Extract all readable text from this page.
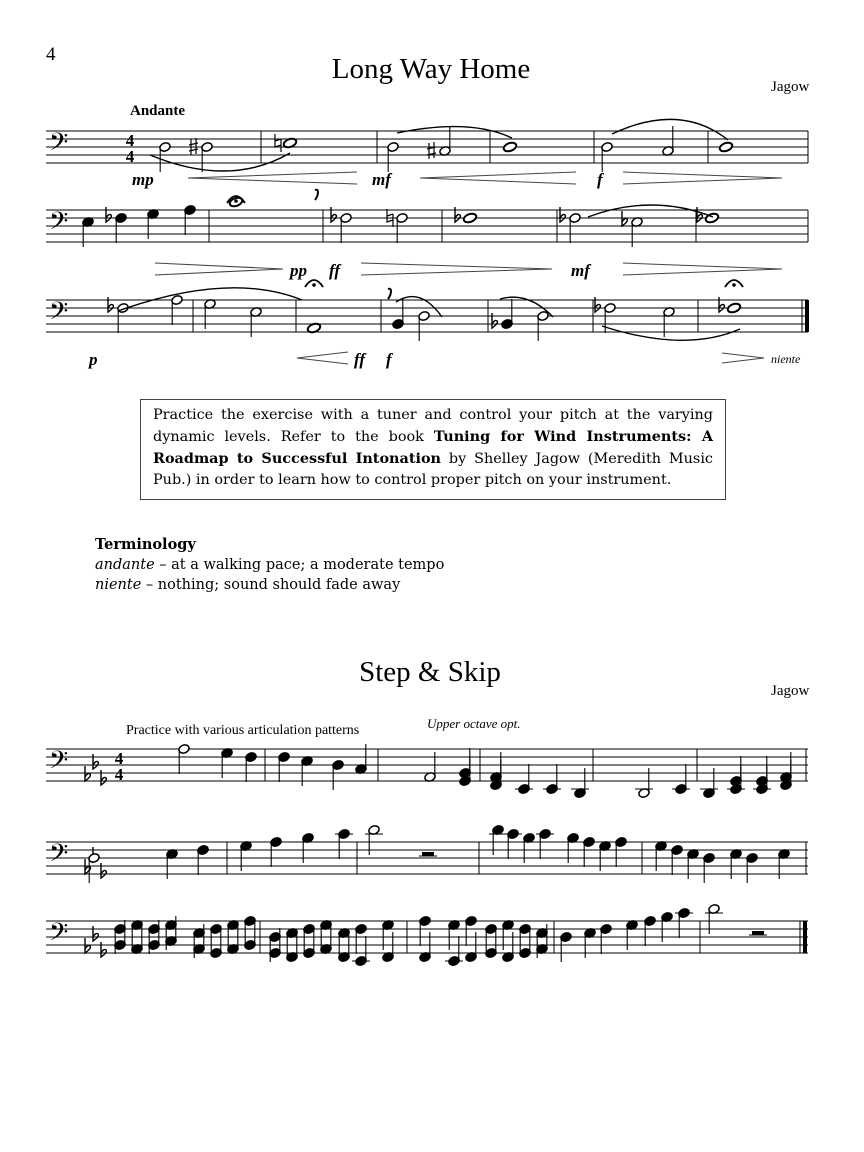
4	Long Way Home
Jagow
Andante
𝄢	4
4
mp	mf	f
𝄢
pp ff	mf
𝄢
p	ff f	niente
Practice the exercise with a tuner and control your pitch at the varying dynamic levels. Refer to the book Tuning for Wind Instruments: A Roadmap to Successful Intonation by Shelley Jagow (Meredith Music Pub.) in order to learn how to control proper pitch on your instrument.
Terminology
andante – at a walking pace; a moderate tempo
niente – nothing; sound should fade away
Step & Skip
Jagow
Practice with various articulation patterns	Upper octave opt.
𝄢	4
4
𝄢
𝄢
